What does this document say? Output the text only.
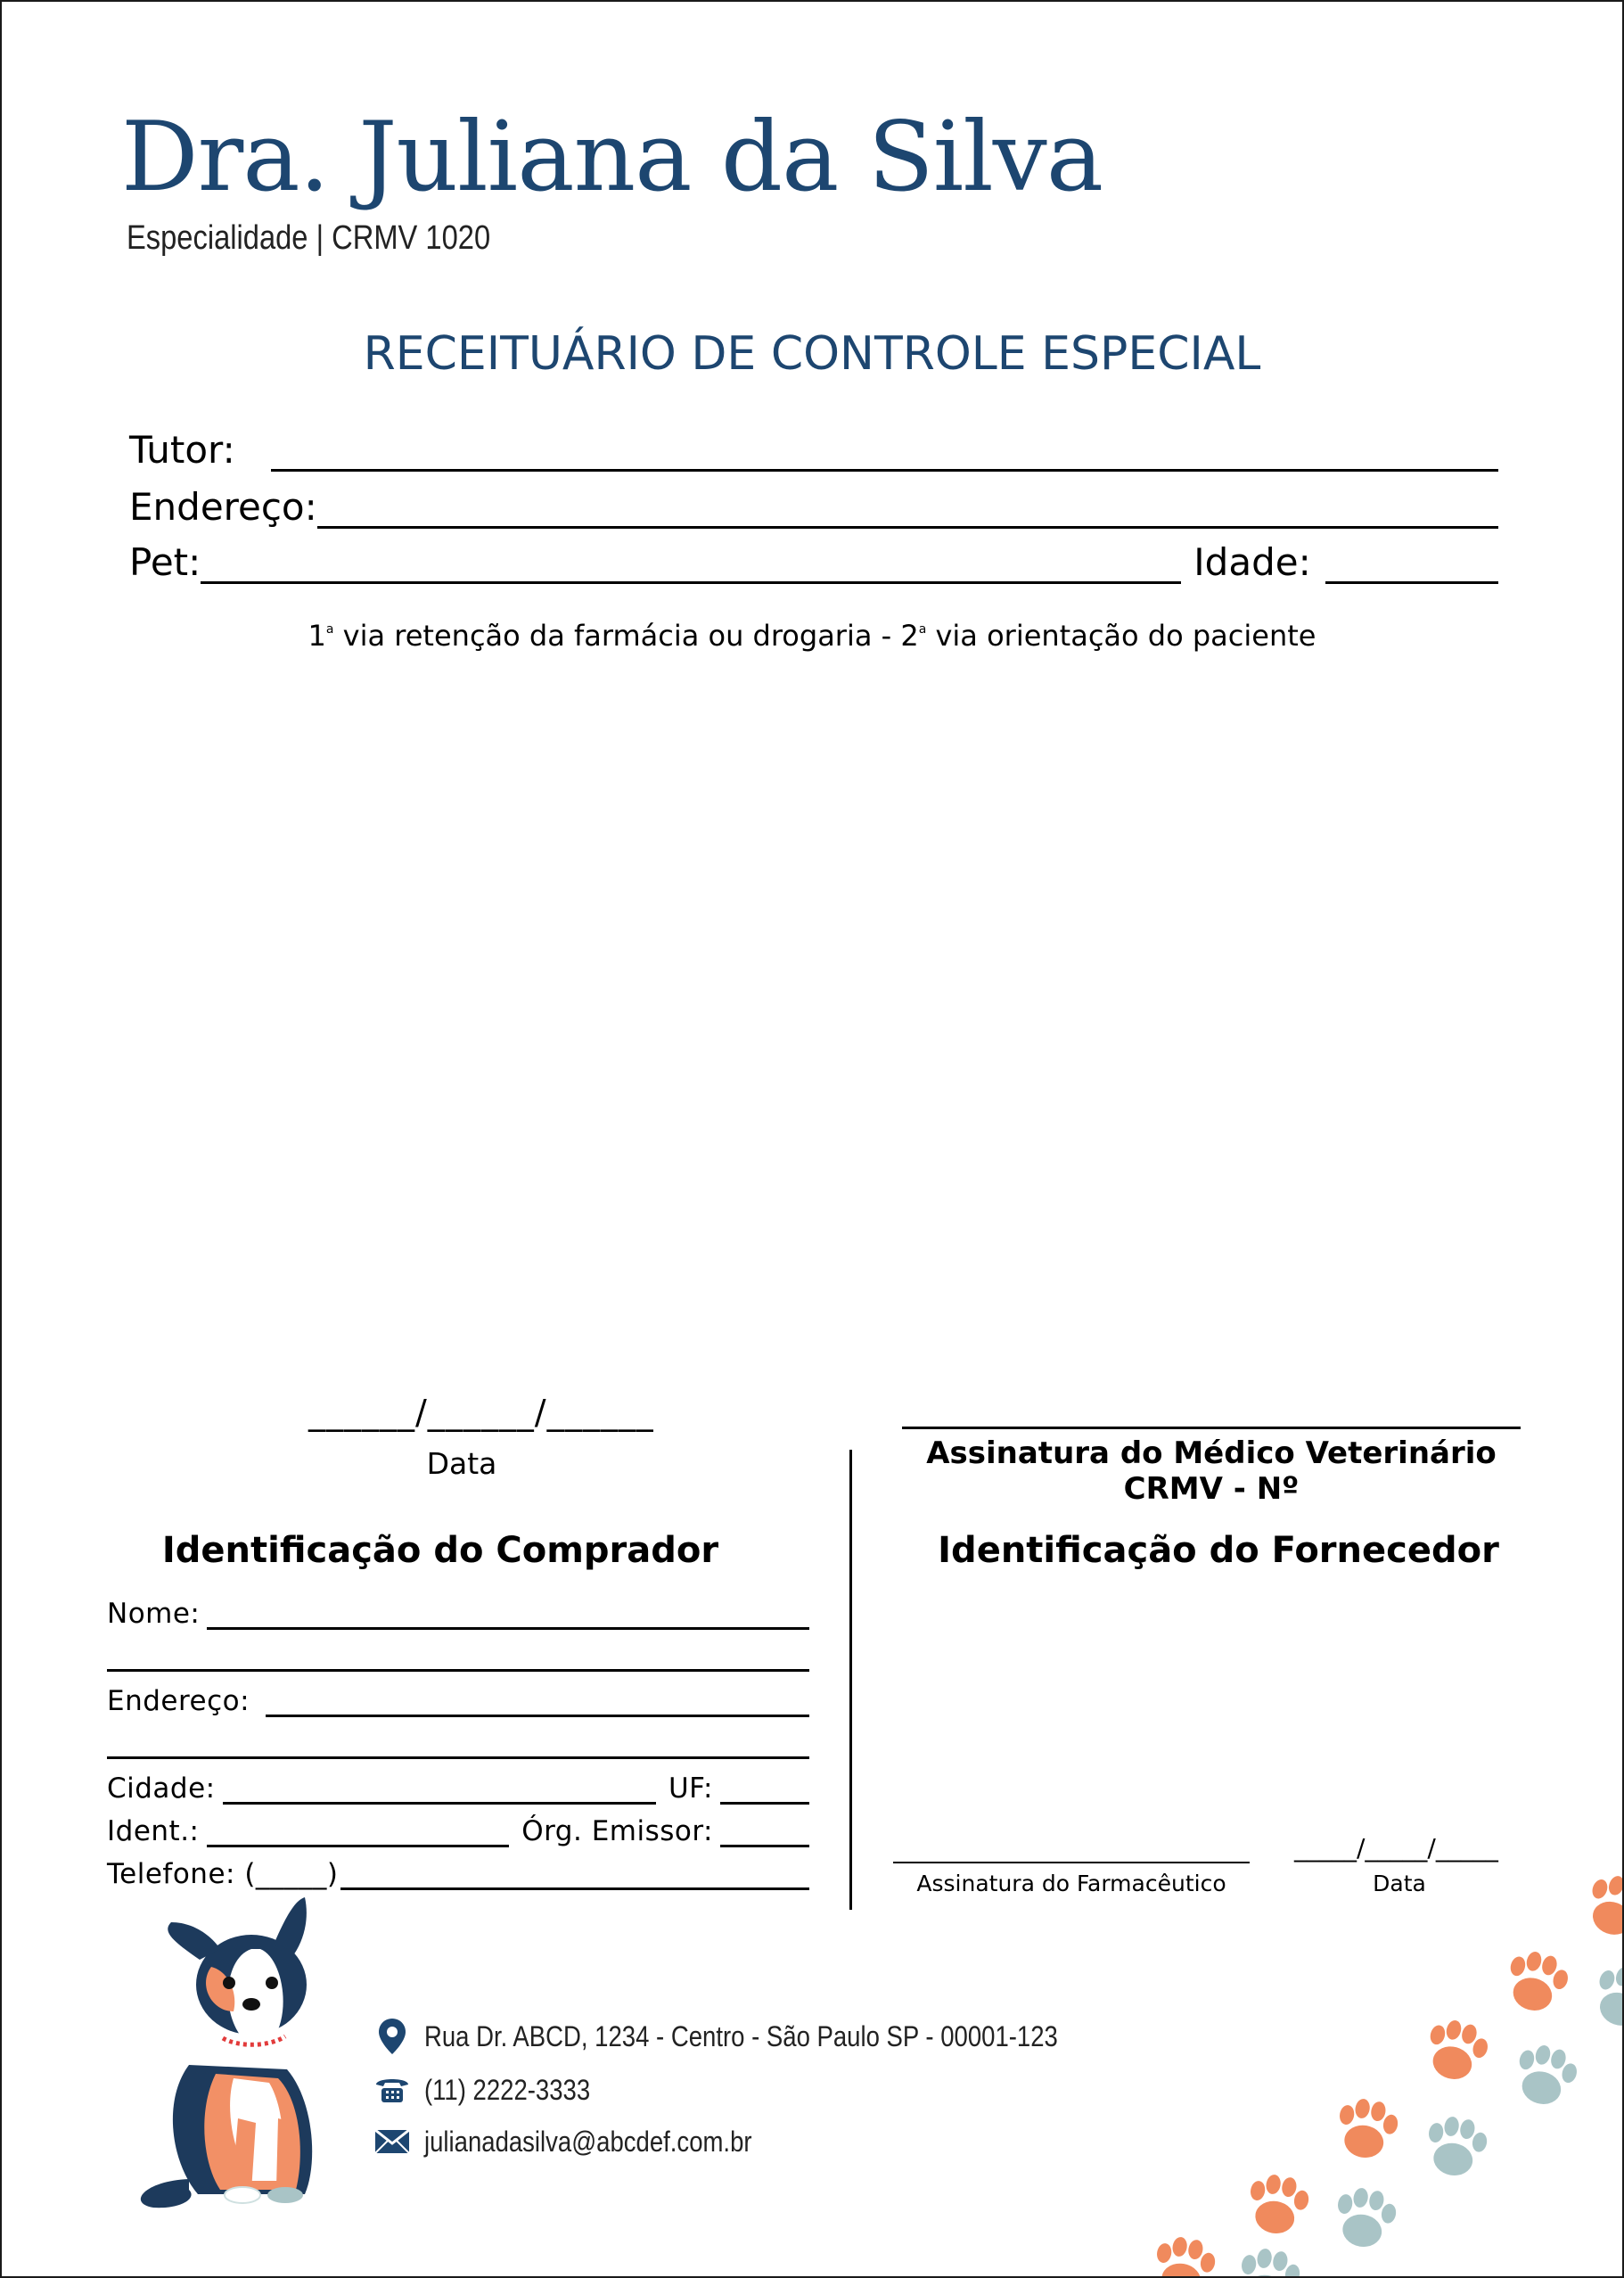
Dra. Juliana da Silva
Especialidade | CRMV 1020
RECEITUÁRIO DE CONTROLE ESPECIAL
Tutor:
Endereço:
Pet:	Idade:
1$^a$ via retenção da farmácia ou drogaria - 2$^a$ via orientação do paciente
______/______/______
Data	Assinatura do Médico Veterinário
CRMV - Nº
Identificação do Comprador
Nome:
Endereço:
Cidade:	UF:
Ident.:	Órg. Emissor:
Telefone: (_____)
Identificação do Fornecedor
Assinatura do Farmacêutico
_____/_____/_____
Data
Rua Dr. ABCD, 1234 - Centro - São Paulo SP - 00001-123
(11) 2222-3333
julianadasilva@abcdef.com.br
